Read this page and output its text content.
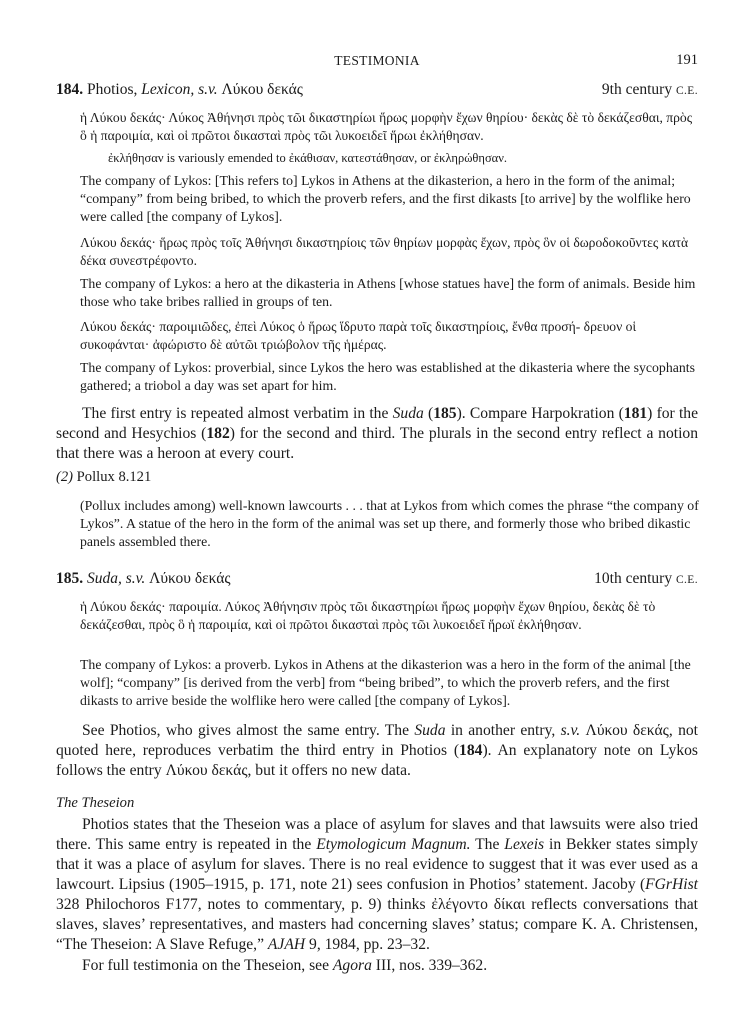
TESTIMONIA	191
184. Photios, Lexicon, s.v. Λύκου δεκάς	9th century C.E.
ἡ Λύκου δεκάς· Λύκος Ἀθήνησι πρὸς τῶι δικαστηρίωι ἥρως μορφὴν ἔχων θηρίου· δεκὰς δὲ τὸ δεκάζεσθαι, πρὸς ὃ ἡ παροιμία, καὶ οἱ πρῶτοι δικασταὶ πρὸς τῶι λυκοειδεῖ ἥρωι ἐκλήθησαν.
ἐκλήθησαν is variously emended to ἐκάθισαν, κατεστάθησαν, or ἐκληρώθησαν.
The company of Lykos: [This refers to] Lykos in Athens at the dikasterion, a hero in the form of the animal; “company” from being bribed, to which the proverb refers, and the first dikasts [to arrive] by the wolflike hero were called [the company of Lykos].
Λύκου δεκάς· ἥρως πρὸς τοῖς Ἀθήνησι δικαστηρίοις τῶν θηρίων μορφὰς ἔχων, πρὸς ὃν οἱ δωροδοκοῦντες κατὰ δέκα συνεστρέφοντο.
The company of Lykos: a hero at the dikasteria in Athens [whose statues have] the form of animals. Beside him those who take bribes rallied in groups of ten.
Λύκου δεκάς· παροιμιῶδες, ἐπεὶ Λύκος ὁ ἥρως ἵδρυτο παρὰ τοῖς δικαστηρίοις, ἔνθα προσή- δρευον οἱ συκοφάνται· ἀφώριστο δὲ αὐτῶι τριώβολον τῆς ἡμέρας.
The company of Lykos: proverbial, since Lykos the hero was established at the dikasteria where the sycophants gathered; a triobol a day was set apart for him.
The first entry is repeated almost verbatim in the Suda (185). Compare Harpokration (181) for the second and Hesychios (182) for the second and third. The plurals in the second entry reflect a notion that there was a heroon at every court.
(2) Pollux 8.121
(Pollux includes among) well-known lawcourts . . . that at Lykos from which comes the phrase “the company of Lykos”. A statue of the hero in the form of the animal was set up there, and formerly those who bribed dikastic panels assembled there.
185. Suda, s.v. Λύκου δεκάς	10th century C.E.
ἡ Λύκου δεκάς· παροιμία. Λύκος Ἀθήνησιν πρὸς τῶι δικαστηρίωι ἥρως μορφὴν ἔχων θηρίου, δεκὰς δὲ τὸ δεκάζεσθαι, πρὸς ὃ ἡ παροιμία, καὶ οἱ πρῶτοι δικασταὶ πρὸς τῶι λυκοειδεῖ ἥρωϊ ἐκλήθησαν.
The company of Lykos: a proverb. Lykos in Athens at the dikasterion was a hero in the form of the animal [the wolf]; “company” [is derived from the verb] from “being bribed”, to which the proverb refers, and the first dikasts to arrive beside the wolflike hero were called [the company of Lykos].
See Photios, who gives almost the same entry. The Suda in another entry, s.v. Λύκου δεκάς, not quoted here, reproduces verbatim the third entry in Photios (184). An explanatory note on Lykos follows the entry Λύκου δεκάς, but it offers no new data.
The Theseion
Photios states that the Theseion was a place of asylum for slaves and that lawsuits were also tried there. This same entry is repeated in the Etymologicum Magnum. The Lexeis in Bekker states simply that it was a place of asylum for slaves. There is no real evidence to suggest that it was ever used as a lawcourt. Lipsius (1905–1915, p. 171, note 21) sees confusion in Photios’ statement. Jacoby (FGrHist 328 Philochoros F177, notes to commentary, p. 9) thinks ἐλέγοντο δίκαι reflects conversations that slaves, slaves’ representatives, and masters had concerning slaves’ status; compare K. A. Christensen, “The Theseion: A Slave Refuge,” AJAH 9, 1984, pp. 23–32.
For full testimonia on the Theseion, see Agora III, nos. 339–362.
